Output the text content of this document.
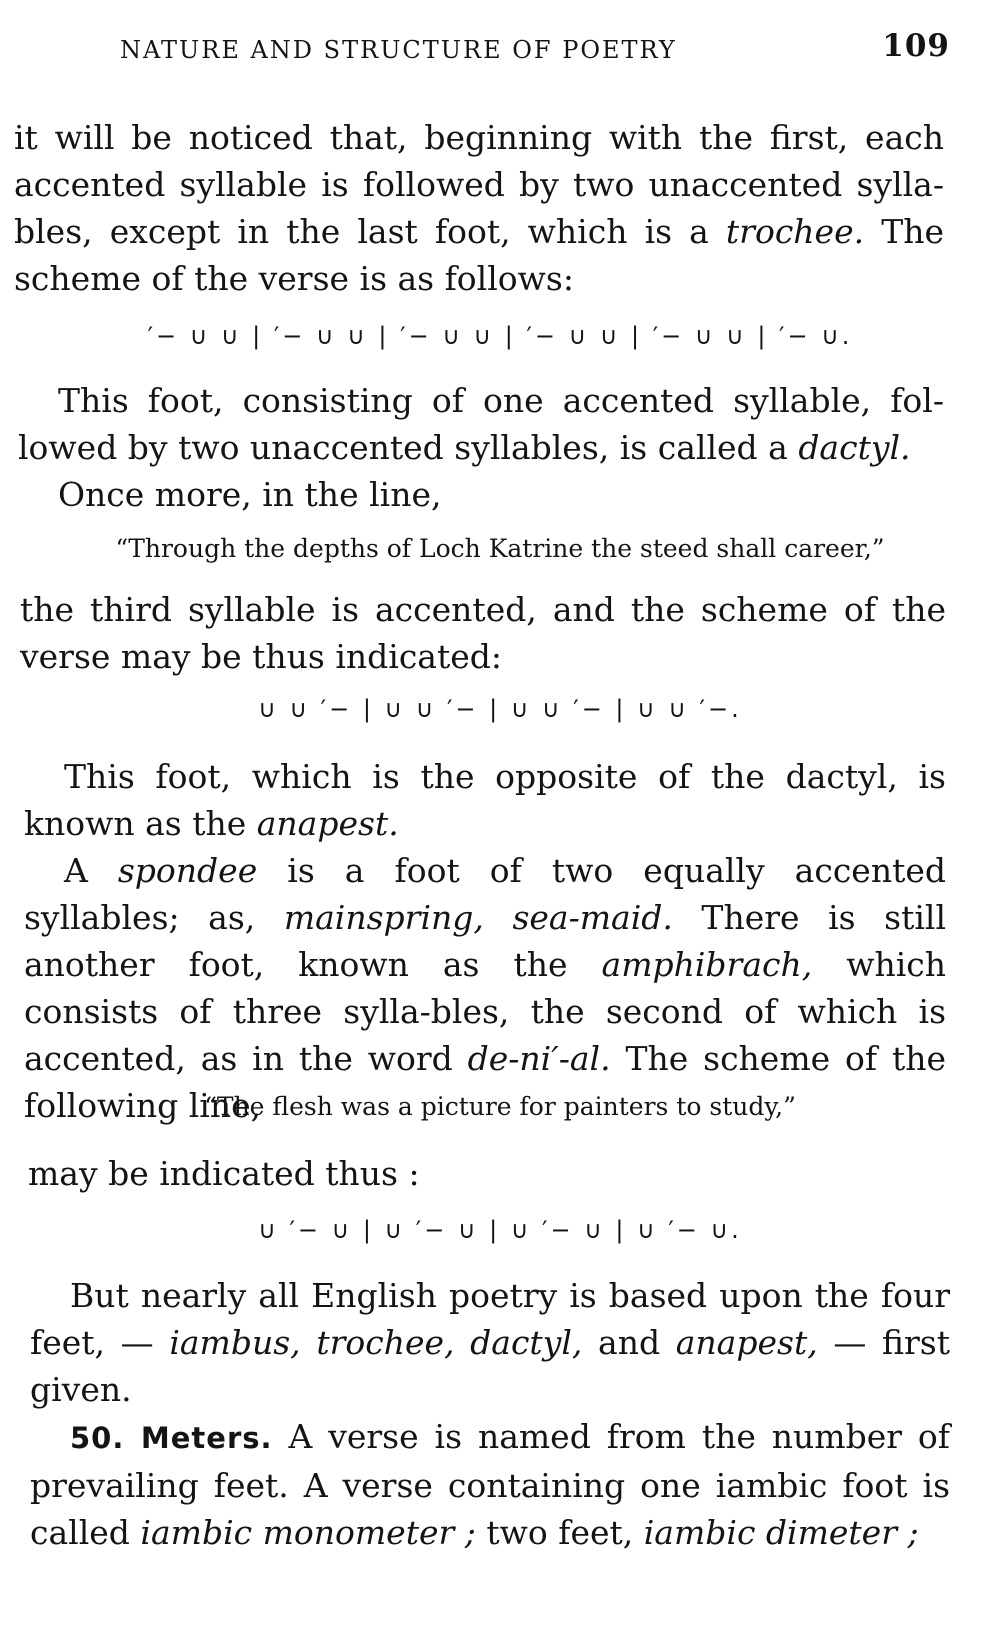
NATURE AND STRUCTURE OF POETRY	109

it will be noticed that, beginning with the first, each accented syllable is followed by two unaccented sylla-bles, except in the last foot, which is a trochee. The scheme of the verse is as follows:

′− ∪ ∪ | ′− ∪ ∪ | ′− ∪ ∪ | ′− ∪ ∪ | ′− ∪ ∪ | ′− ∪.

This foot, consisting of one accented syllable, fol-lowed by two unaccented syllables, is called a dactyl.

Once more, in the line,

“Through the depths of Loch Katrine the steed shall career,”

the third syllable is accented, and the scheme of the verse may be thus indicated:

∪ ∪ ′− | ∪ ∪ ′− | ∪ ∪ ′− | ∪ ∪ ′−.

This foot, which is the opposite of the dactyl, is known as the anapest.

A spondee is a foot of two equally accented syllables; as, mainspring, sea-maid. There is still another foot, known as the amphibrach, which consists of three sylla-bles, the second of which is accented, as in the word de-ni′-al. The scheme of the following line,

“The flesh was a picture for painters to study,”

may be indicated thus :

∪ ′− ∪ | ∪ ′− ∪ | ∪ ′− ∪ | ∪ ′− ∪.

But nearly all English poetry is based upon the four feet, — iambus, trochee, dactyl, and anapest, — first given.

50. Meters. A verse is named from the number of prevailing feet. A verse containing one iambic foot is called iambic monometer ; two feet, iambic dimeter ;
